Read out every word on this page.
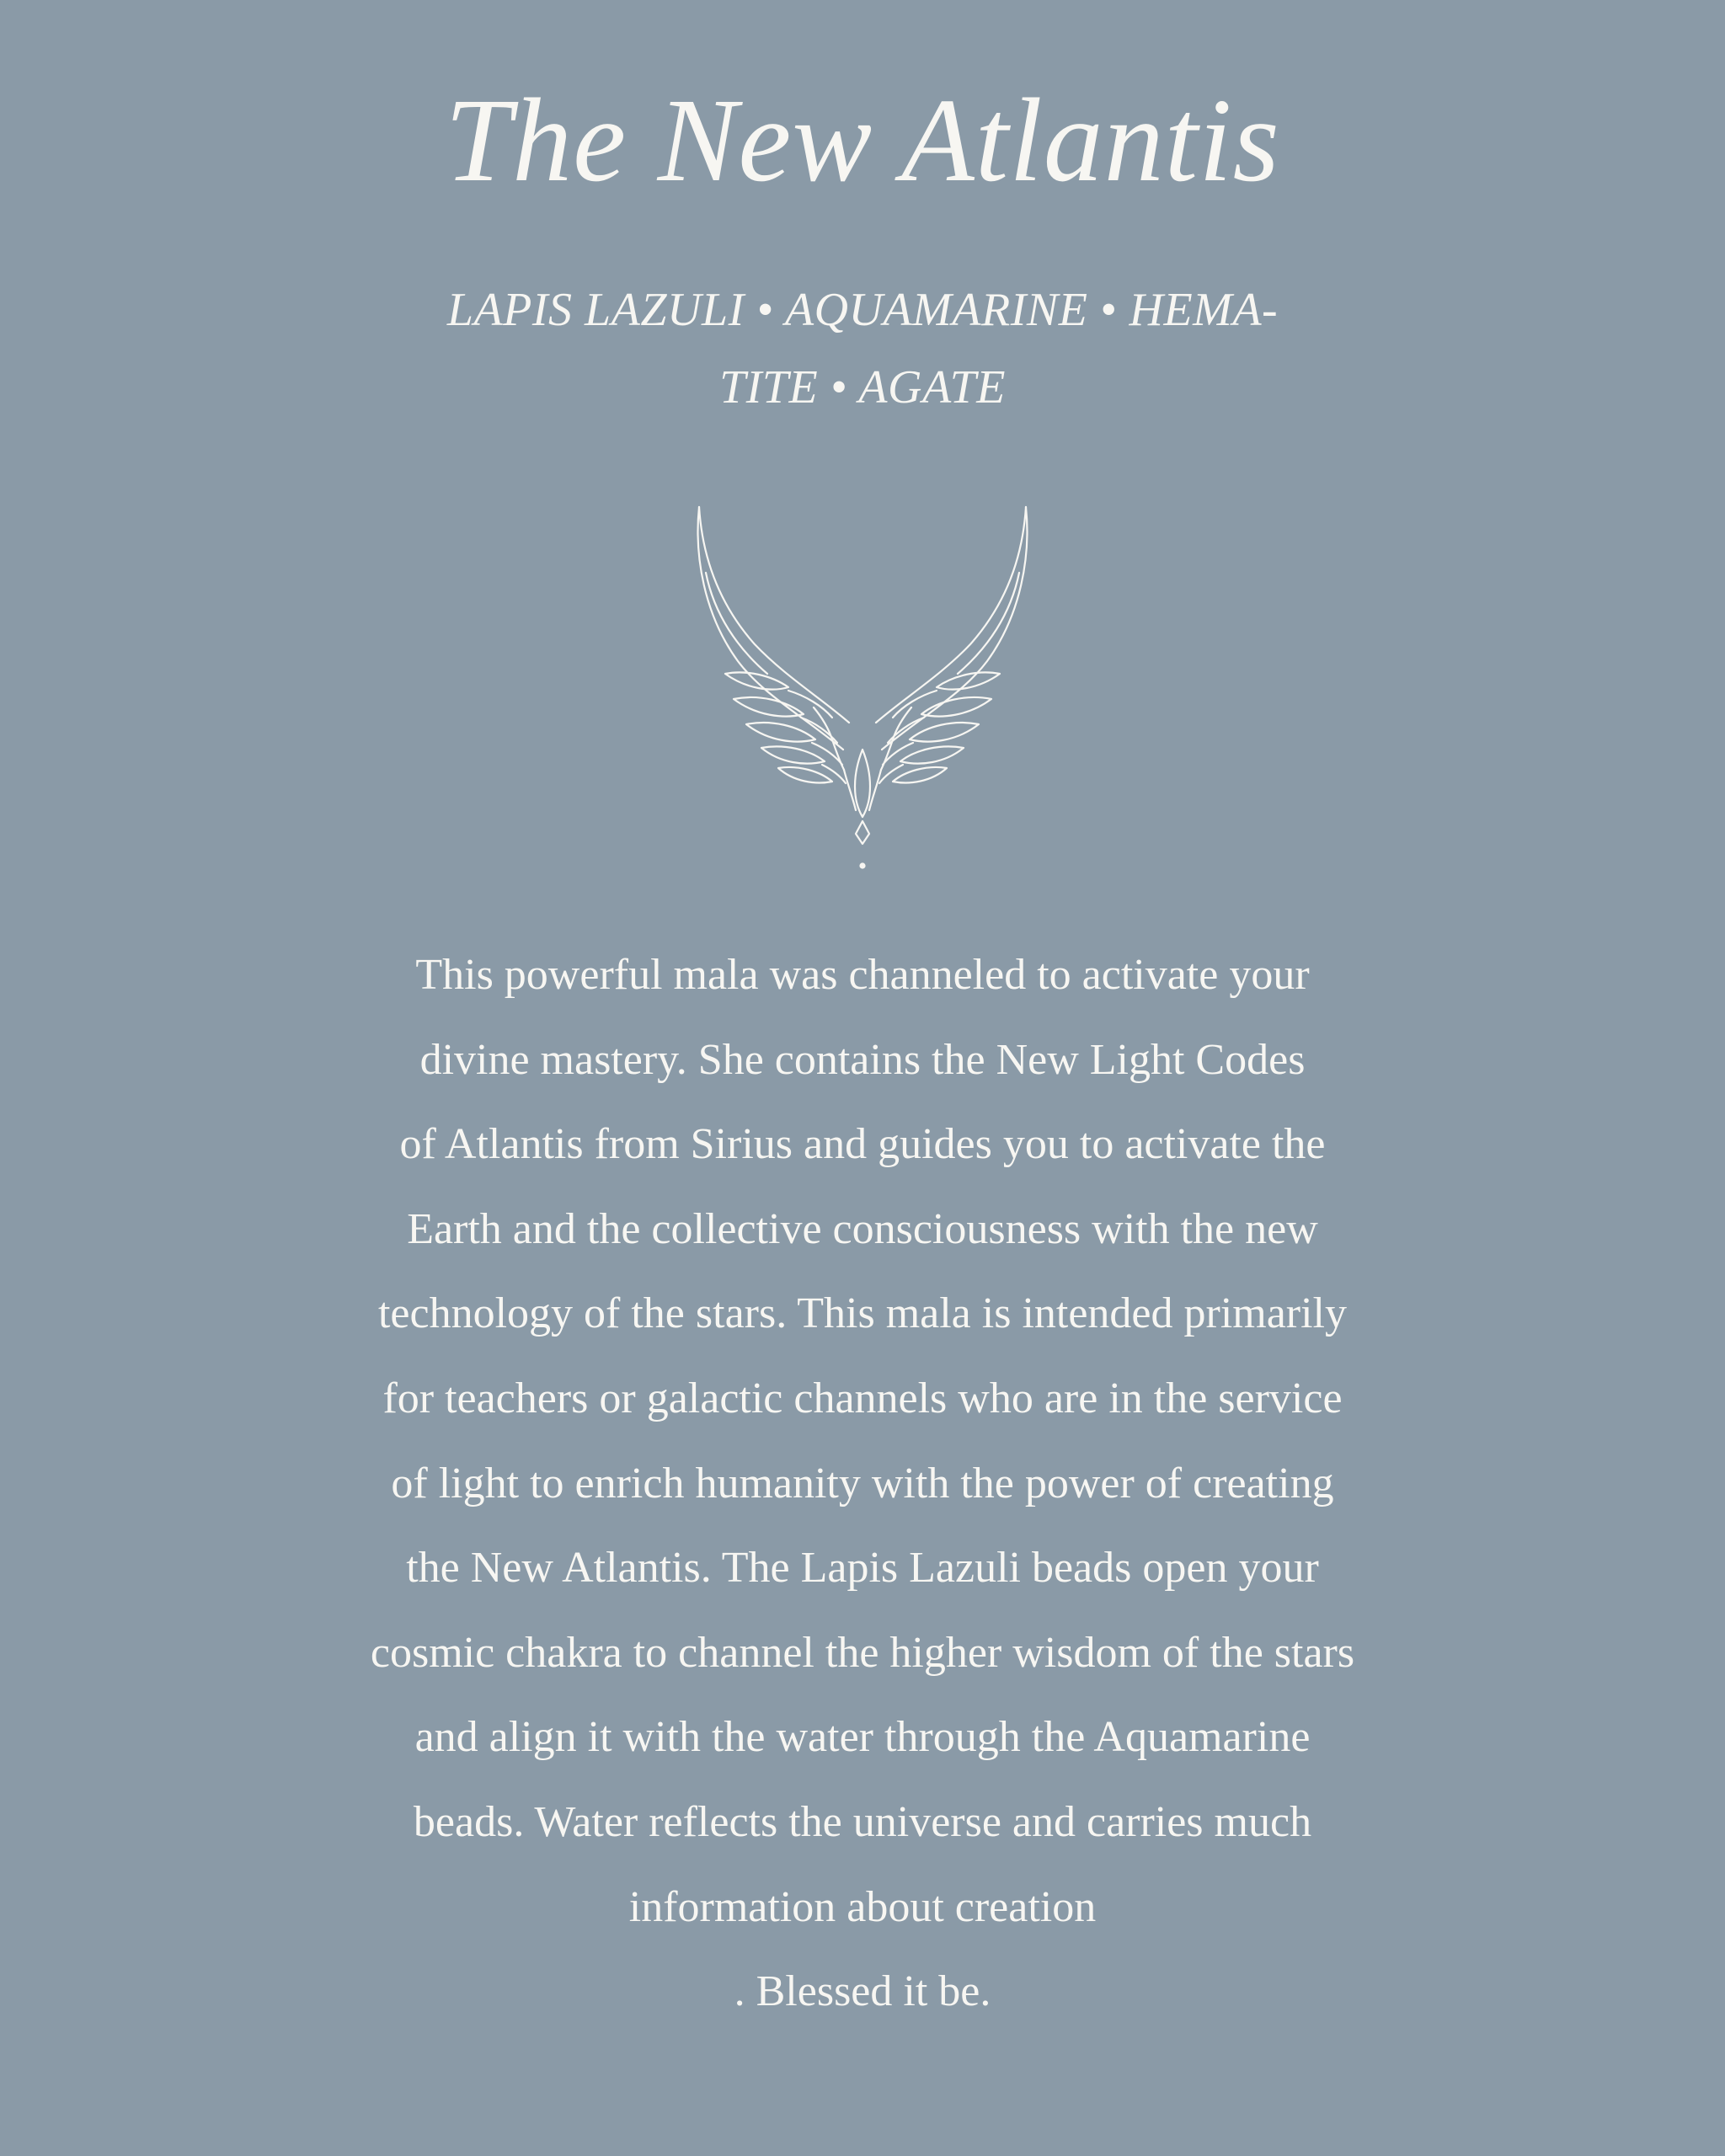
The New Atlantis
LAPIS LAZULI • AQUAMARINE • HEMA-
TITE • AGATE
This powerful mala was channeled to activate your
divine mastery. She contains the New Light Codes
of Atlantis from Sirius and guides you to activate the
Earth and the collective consciousness with the new
technology of the stars. This mala is intended primarily
for teachers or galactic channels who are in the service
of light to enrich humanity with the power of creating
the New Atlantis. The Lapis Lazuli beads open your
cosmic chakra to channel the higher wisdom of the stars
and align it with the water through the Aquamarine
beads. Water reflects the universe and carries much
information about creation
. Blessed it be.
